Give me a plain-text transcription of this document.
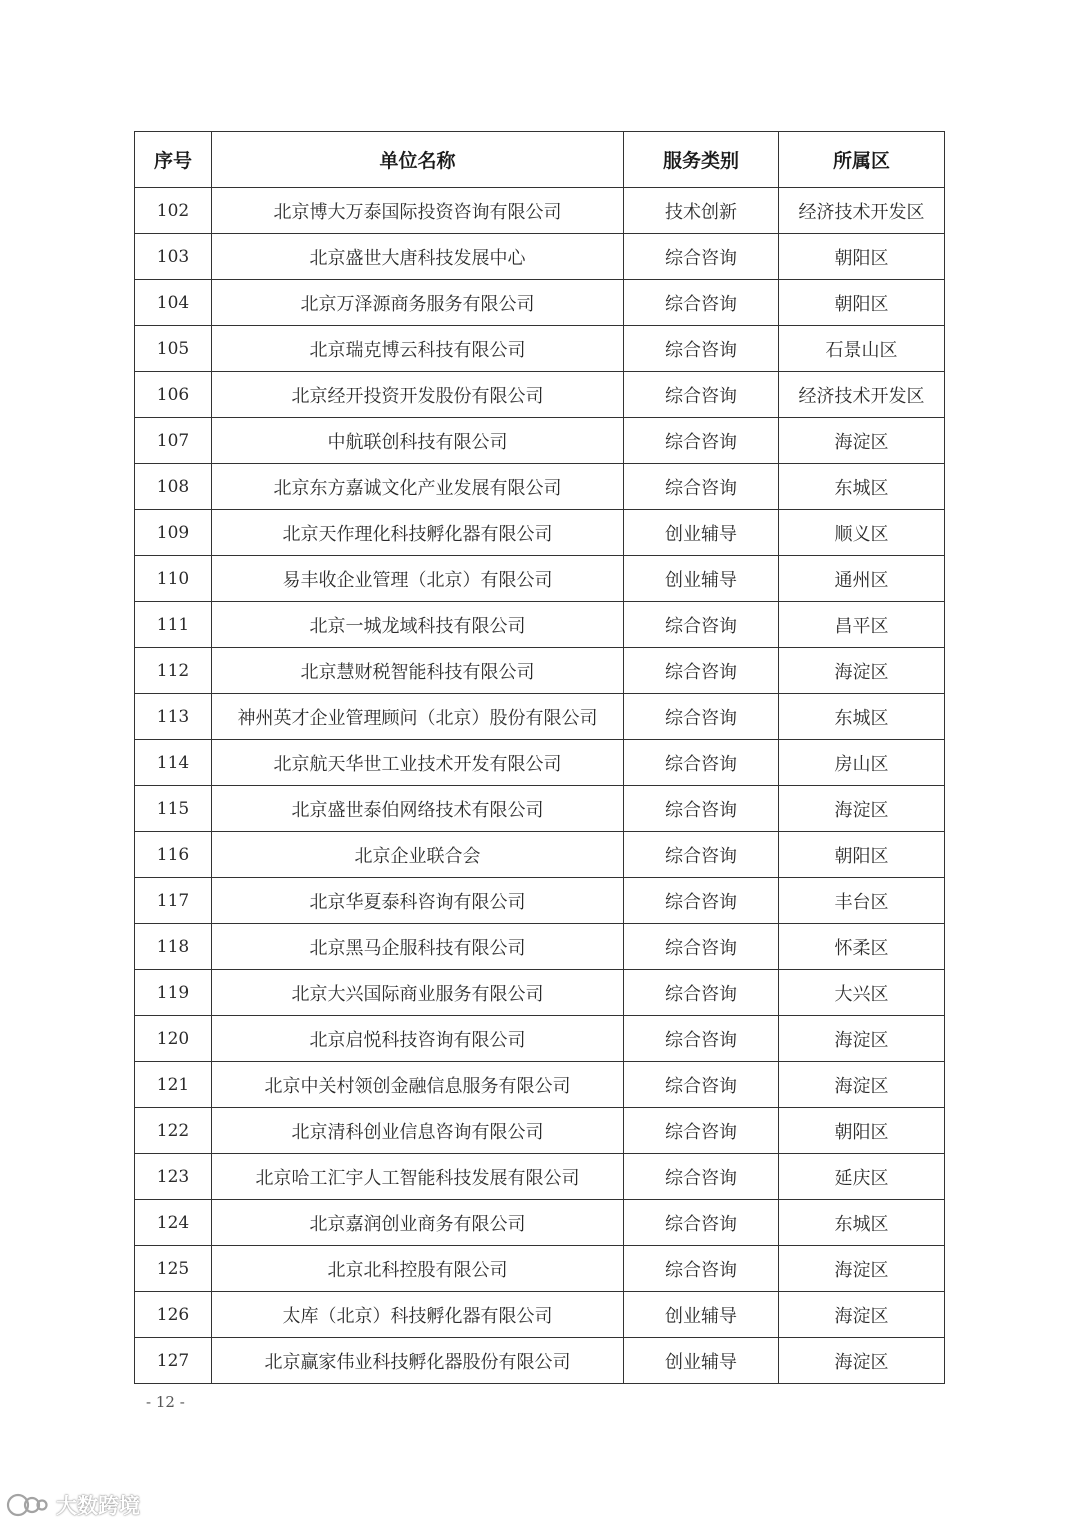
序号	单位名称	服务类别	所属区
102	北京博大万泰国际投资咨询有限公司	技术创新	经济技术开发区
103	北京盛世大唐科技发展中心	综合咨询	朝阳区
104	北京万泽源商务服务有限公司	综合咨询	朝阳区
105	北京瑞克博云科技有限公司	综合咨询	石景山区
106	北京经开投资开发股份有限公司	综合咨询	经济技术开发区
107	中航联创科技有限公司	综合咨询	海淀区
108	北京东方嘉诚文化产业发展有限公司	综合咨询	东城区
109	北京天作理化科技孵化器有限公司	创业辅导	顺义区
110	易丰收企业管理（北京）有限公司	创业辅导	通州区
111	北京一城龙域科技有限公司	综合咨询	昌平区
112	北京慧财税智能科技有限公司	综合咨询	海淀区
113	神州英才企业管理顾问（北京）股份有限公司	综合咨询	东城区
114	北京航天华世工业技术开发有限公司	综合咨询	房山区
115	北京盛世泰伯网络技术有限公司	综合咨询	海淀区
116	北京企业联合会	综合咨询	朝阳区
117	北京华夏泰科咨询有限公司	综合咨询	丰台区
118	北京黑马企服科技有限公司	综合咨询	怀柔区
119	北京大兴国际商业服务有限公司	综合咨询	大兴区
120	北京启悦科技咨询有限公司	综合咨询	海淀区
121	北京中关村领创金融信息服务有限公司	综合咨询	海淀区
122	北京清科创业信息咨询有限公司	综合咨询	朝阳区
123	北京哈工汇宇人工智能科技发展有限公司	综合咨询	延庆区
124	北京嘉润创业商务有限公司	综合咨询	东城区
125	北京北科控股有限公司	综合咨询	海淀区
126	太库（北京）科技孵化器有限公司	创业辅导	海淀区
127	北京赢家伟业科技孵化器股份有限公司	创业辅导	海淀区
- 12 -
大数跨境
